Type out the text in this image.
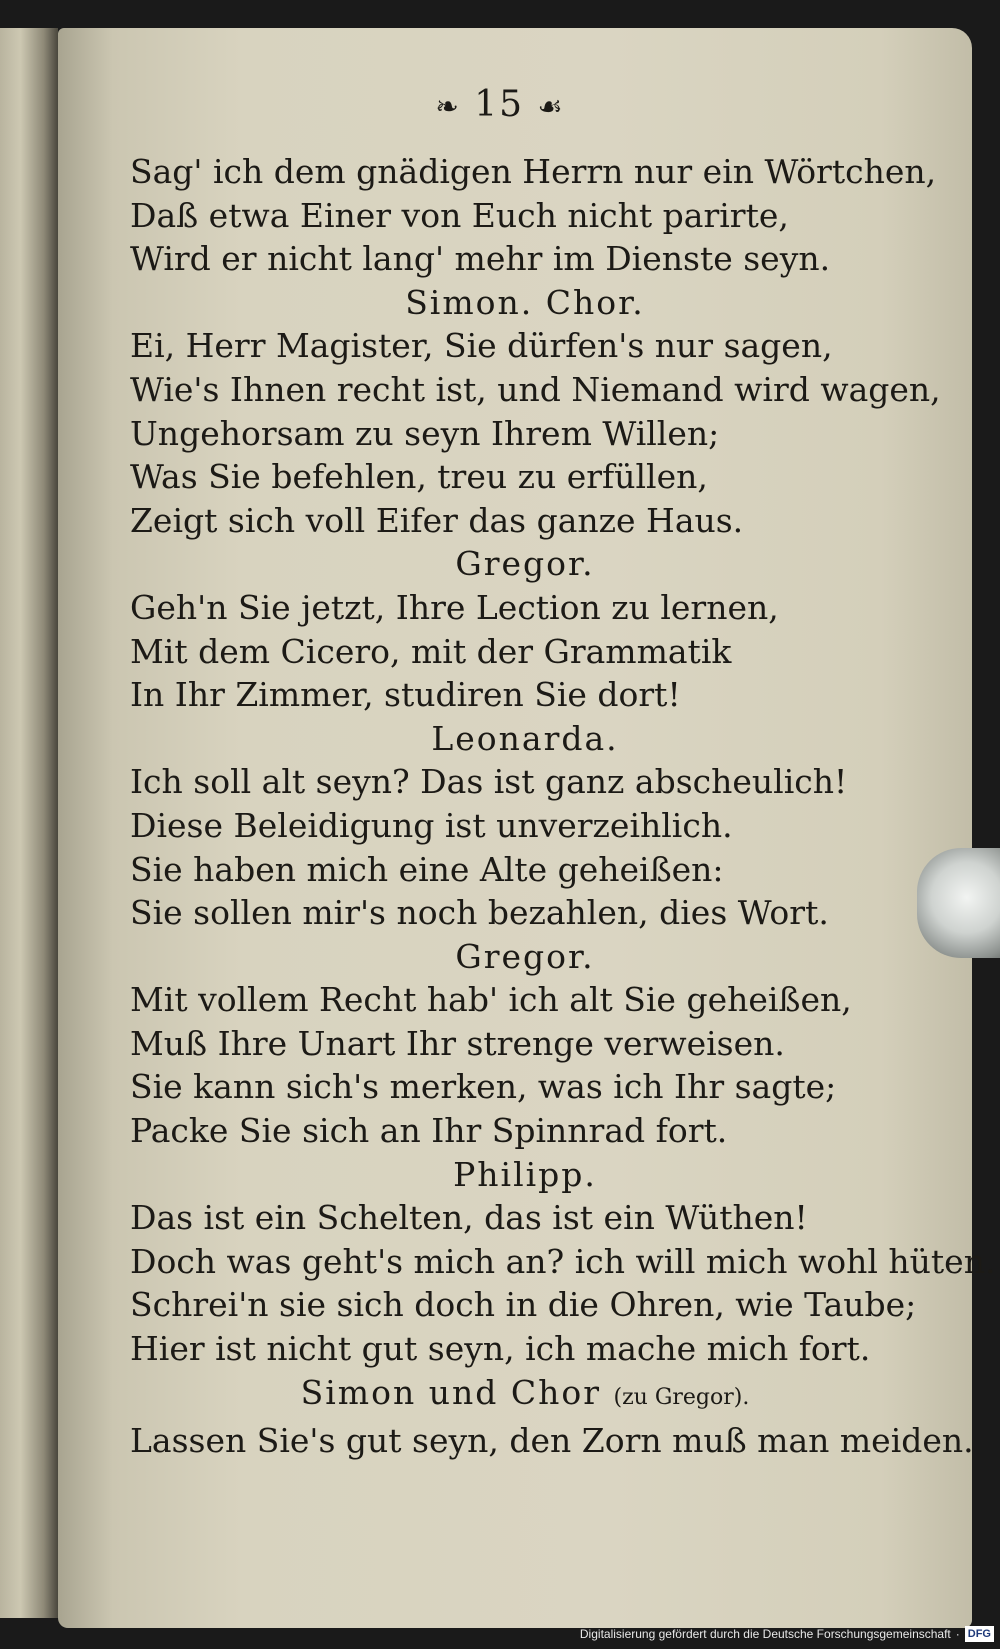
❧ 15 ☙
Sag' ich dem gnädigen Herrn nur ein Wörtchen,
Daß etwa Einer von Euch nicht parirte,
Wird er nicht lang' mehr im Dienste seyn.
Simon. Chor.
Ei, Herr Magister, Sie dürfen's nur sagen,
Wie's Ihnen recht ist, und Niemand wird wagen,
Ungehorsam zu seyn Ihrem Willen;
Was Sie befehlen, treu zu erfüllen,
Zeigt sich voll Eifer das ganze Haus.
Gregor.
Geh'n Sie jetzt, Ihre Lection zu lernen,
Mit dem Cicero, mit der Grammatik
In Ihr Zimmer, studiren Sie dort!
Leonarda.
Ich soll alt seyn? Das ist ganz abscheulich!
Diese Beleidigung ist unverzeihlich.
Sie haben mich eine Alte geheißen:
Sie sollen mir's noch bezahlen, dies Wort.
Gregor.
Mit vollem Recht hab' ich alt Sie geheißen,
Muß Ihre Unart Ihr strenge verweisen.
Sie kann sich's merken, was ich Ihr sagte;
Packe Sie sich an Ihr Spinnrad fort.
Philipp.
Das ist ein Schelten, das ist ein Wüthen!
Doch was geht's mich an? ich will mich wohl hüten.
Schrei'n sie sich doch in die Ohren, wie Taube;
Hier ist nicht gut seyn, ich mache mich fort.
Simon und Chor (zu Gregor).
Lassen Sie's gut seyn, den Zorn muß man meiden.
Digitalisierung gefördert durch die Deutsche Forschungsgemeinschaft · DFG
